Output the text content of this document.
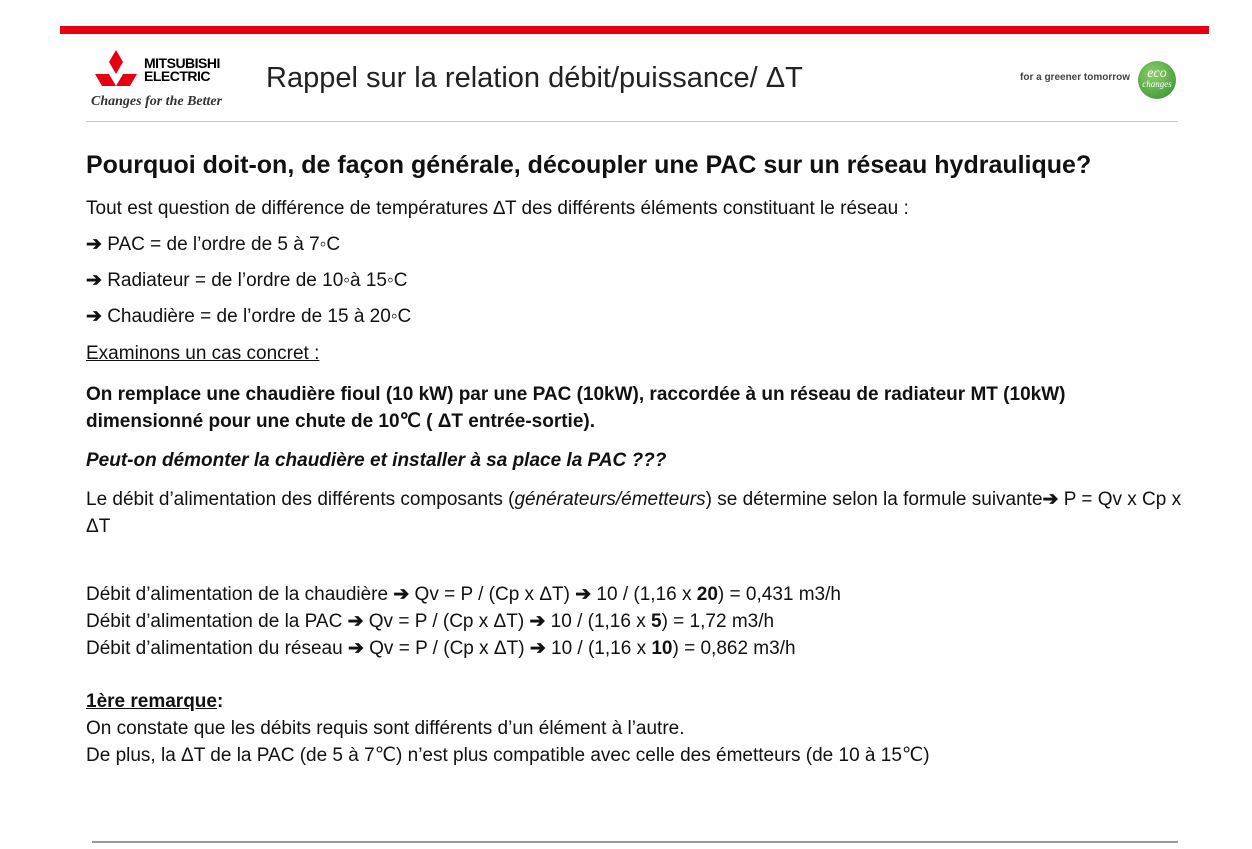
MITSUBISHI
ELECTRIC
Changes for the Better
Rappel sur la relation débit/puissance/ ΔT	for a greener tomorrow	eco
changes

Pourquoi doit-on, de façon générale, découpler une PAC sur un réseau hydraulique?

Tout est question de différence de températures ∆T des différents éléments constituant le réseau :

➔ PAC = de l’ordre de 5 à 7◦C

➔ Radiateur = de l’ordre de 10◦à 15◦C

➔ Chaudière = de l’ordre de 15 à 20◦C

Examinons un cas concret :

On remplace une chaudière fioul (10 kW) par une PAC (10kW), raccordée à un réseau de radiateur MT (10kW) dimensionné pour une chute de 10℃ ( ΔT entrée-sortie).

Peut-on démonter la chaudière et installer à sa place la PAC ???

Le débit d’alimentation des différents composants (générateurs/émetteurs) se détermine selon la formule suivante➔ P = Qv x Cp x ΔT

Débit d’alimentation de la chaudière ➔ Qv = P / (Cp x ΔT) ➔ 10 / (1,16 x 20) = 0,431 m3/h

Débit d’alimentation de la PAC ➔ Qv = P / (Cp x ΔT) ➔ 10 / (1,16 x 5) = 1,72 m3/h

Débit d’alimentation du réseau ➔ Qv = P / (Cp x ΔT) ➔ 10 / (1,16 x 10) = 0,862 m3/h

1ère remarque:

On constate que les débits requis sont différents d’un élément à l’autre.

De plus, la ΔT de la PAC (de 5 à 7℃) n’est plus compatible avec celle des émetteurs (de 10 à 15℃)
